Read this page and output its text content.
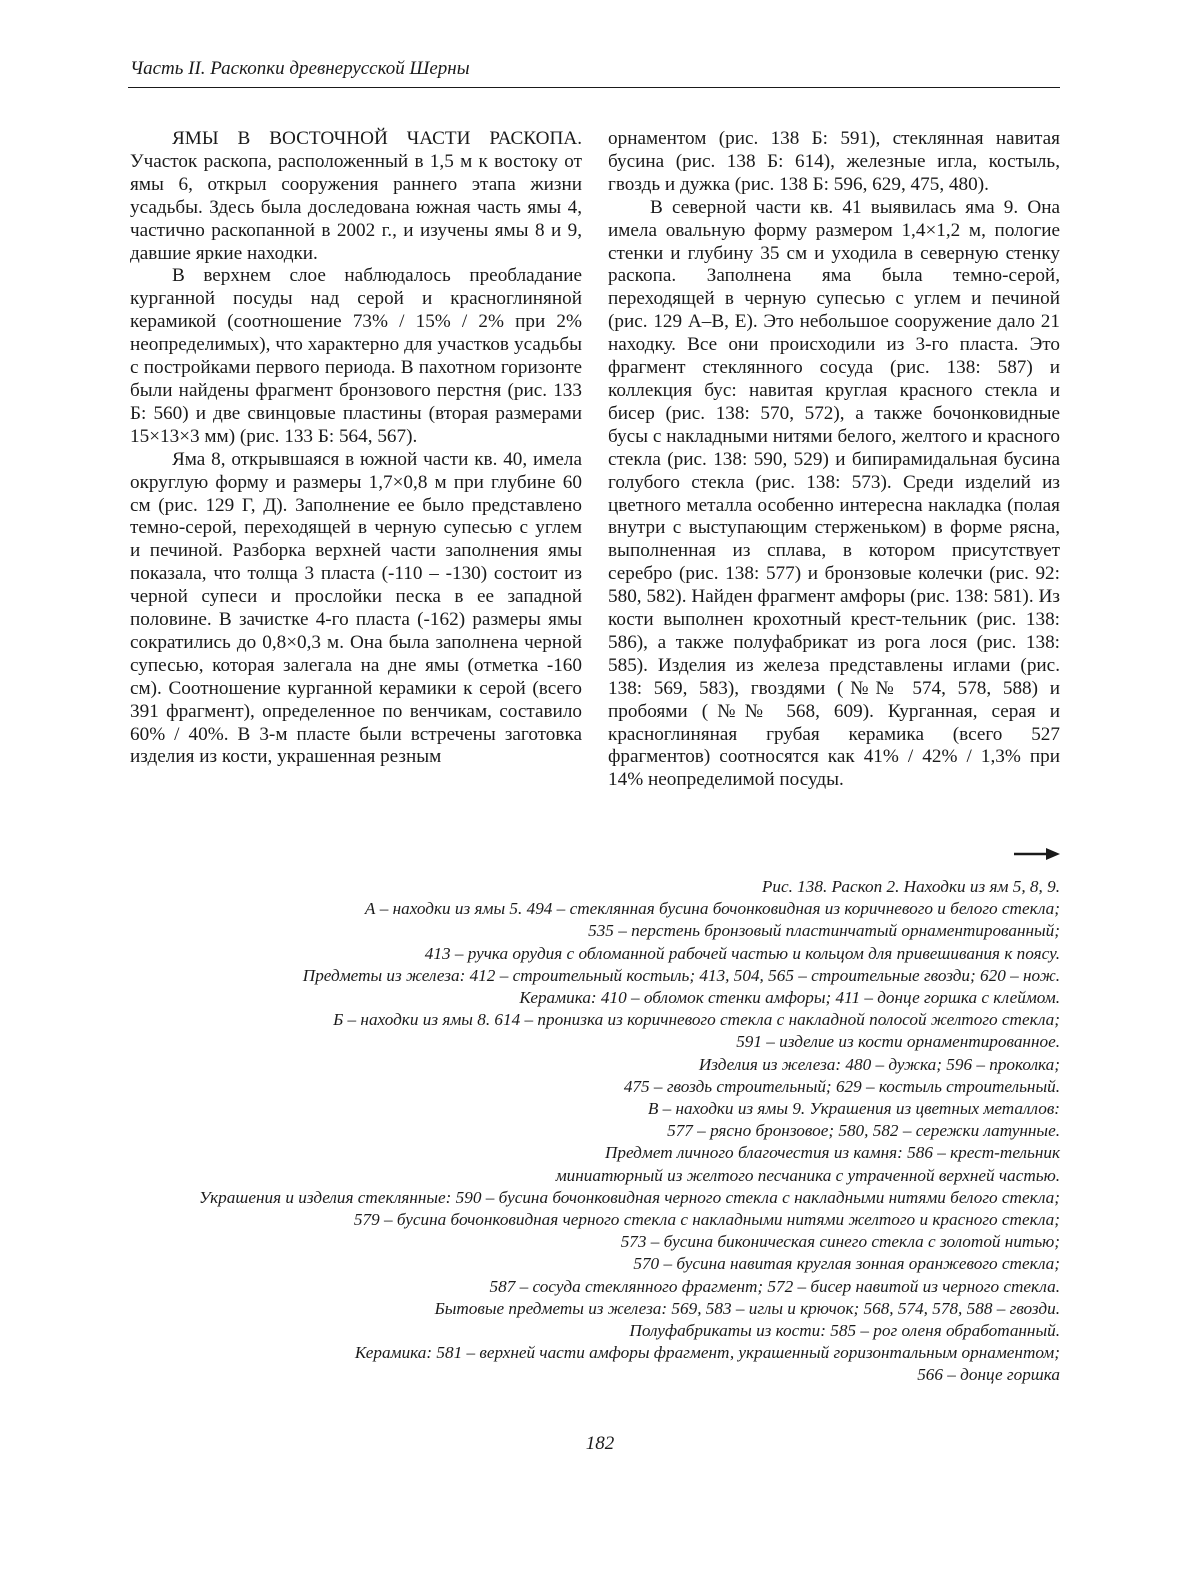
Часть II. Раскопки древнерусской Шерны

ЯМЫ В ВОСТОЧНОЙ ЧАСТИ РАСКОПА. Участок раскопа, расположенный в 1,5 м к востоку от ямы 6, открыл сооружения раннего этапа жизни усадьбы. Здесь была доследована южная часть ямы 4, частично раскопанной в 2002 г., и изучены ямы 8 и 9, давшие яркие находки.

В верхнем слое наблюдалось преобладание курганной посуды над серой и красноглиняной керамикой (соотношение 73% / 15% / 2% при 2% неопределимых), что характерно для участков усадьбы с постройками первого периода. В пахотном горизонте были найдены фрагмент бронзового перстня (рис. 133 Б: 560) и две свинцовые пластины (вторая размерами 15×13×3 мм) (рис. 133 Б: 564, 567).

Яма 8, открывшаяся в южной части кв. 40, имела округлую форму и размеры 1,7×0,8 м при глубине 60 см (рис. 129 Г, Д). Заполнение ее было представлено темно-серой, переходящей в черную супесью с углем и печиной. Разборка верхней части заполнения ямы показала, что толща 3 пласта (-110 – -130) состоит из черной супеси и прослойки песка в ее западной половине. В зачистке 4-го пласта (-162) размеры ямы сократились до 0,8×0,3 м. Она была заполнена черной супесью, которая залегала на дне ямы (отметка -160 см). Соотношение курганной керамики к серой (всего 391 фрагмент), определенное по венчикам, составило 60% / 40%. В 3-м пласте были встречены заготовка изделия из кости, украшенная резным

орнаментом (рис. 138 Б: 591), стеклянная навитая бусина (рис. 138 Б: 614), железные игла, костыль, гвоздь и дужка (рис. 138 Б: 596, 629, 475, 480).

В северной части кв. 41 выявилась яма 9. Она имела овальную форму размером 1,4×1,2 м, пологие стенки и глубину 35 см и уходила в северную стенку раскопа. Заполнена яма была темно-серой, переходящей в черную супесью с углем и печиной (рис. 129 А–В, Е). Это небольшое сооружение дало 21 находку. Все они происходили из 3-го пласта. Это фрагмент стеклянного сосуда (рис. 138: 587) и коллекция бус: навитая круглая красного стекла и бисер (рис. 138: 570, 572), а также бочонковидные бусы с накладными нитями белого, желтого и красного стекла (рис. 138: 590, 529) и бипирамидальная бусина голубого стекла (рис. 138: 573). Среди изделий из цветного металла особенно интересна накладка (полая внутри с выступающим стерженьком) в форме рясна, выполненная из сплава, в котором присутствует серебро (рис. 138: 577) и бронзовые колечки (рис. 92: 580, 582). Найден фрагмент амфоры (рис. 138: 581). Из кости выполнен крохотный крест-тельник (рис. 138: 586), а также полуфабрикат из рога лося (рис. 138: 585). Изделия из железа представлены иглами (рис. 138: 569, 583), гвоздями (№№ 574, 578, 588) и пробоями (№№ 568, 609). Курганная, серая и красноглиняная грубая керамика (всего 527 фрагментов) соотносятся как 41% / 42% / 1,3% при 14% неопределимой посуды.

Рис. 138. Раскоп 2. Находки из ям 5, 8, 9.
А – находки из ямы 5. 494 – стеклянная бусина бочонковидная из коричневого и белого стекла;
535 – перстень бронзовый пластинчатый орнаментированный;
413 – ручка орудия с обломанной рабочей частью и кольцом для привешивания к поясу.
Предметы из железа: 412 – строительный костыль; 413, 504, 565 – строительные гвозди; 620 – нож.
Керамика: 410 – обломок стенки амфоры; 411 – донце горшка с клеймом.
Б – находки из ямы 8. 614 – пронизка из коричневого стекла с накладной полосой желтого стекла;
591 – изделие из кости орнаментированное.
Изделия из железа: 480 – дужка; 596 – проколка;
475 – гвоздь строительный; 629 – костыль строительный.
В – находки из ямы 9. Украшения из цветных металлов:
577 – рясно бронзовое; 580, 582 – сережки латунные.
Предмет личного благочестия из камня: 586 – крест-тельник
миниатюрный из желтого песчаника с утраченной верхней частью.
Украшения и изделия стеклянные: 590 – бусина бочонковидная черного стекла с накладными нитями белого стекла;
579 – бусина бочонковидная черного стекла с накладными нитями желтого и красного стекла;
573 – бусина биконическая синего стекла с золотой нитью;
570 – бусина навитая круглая зонная оранжевого стекла;
587 – сосуда стеклянного фрагмент; 572 – бисер навитой из черного стекла.
Бытовые предметы из железа: 569, 583 – иглы и крючок; 568, 574, 578, 588 – гвозди.
Полуфабрикаты из кости: 585 – рог оленя обработанный.
Керамика: 581 – верхней части амфоры фрагмент, украшенный горизонтальным орнаментом;
566 – донце горшка
182
